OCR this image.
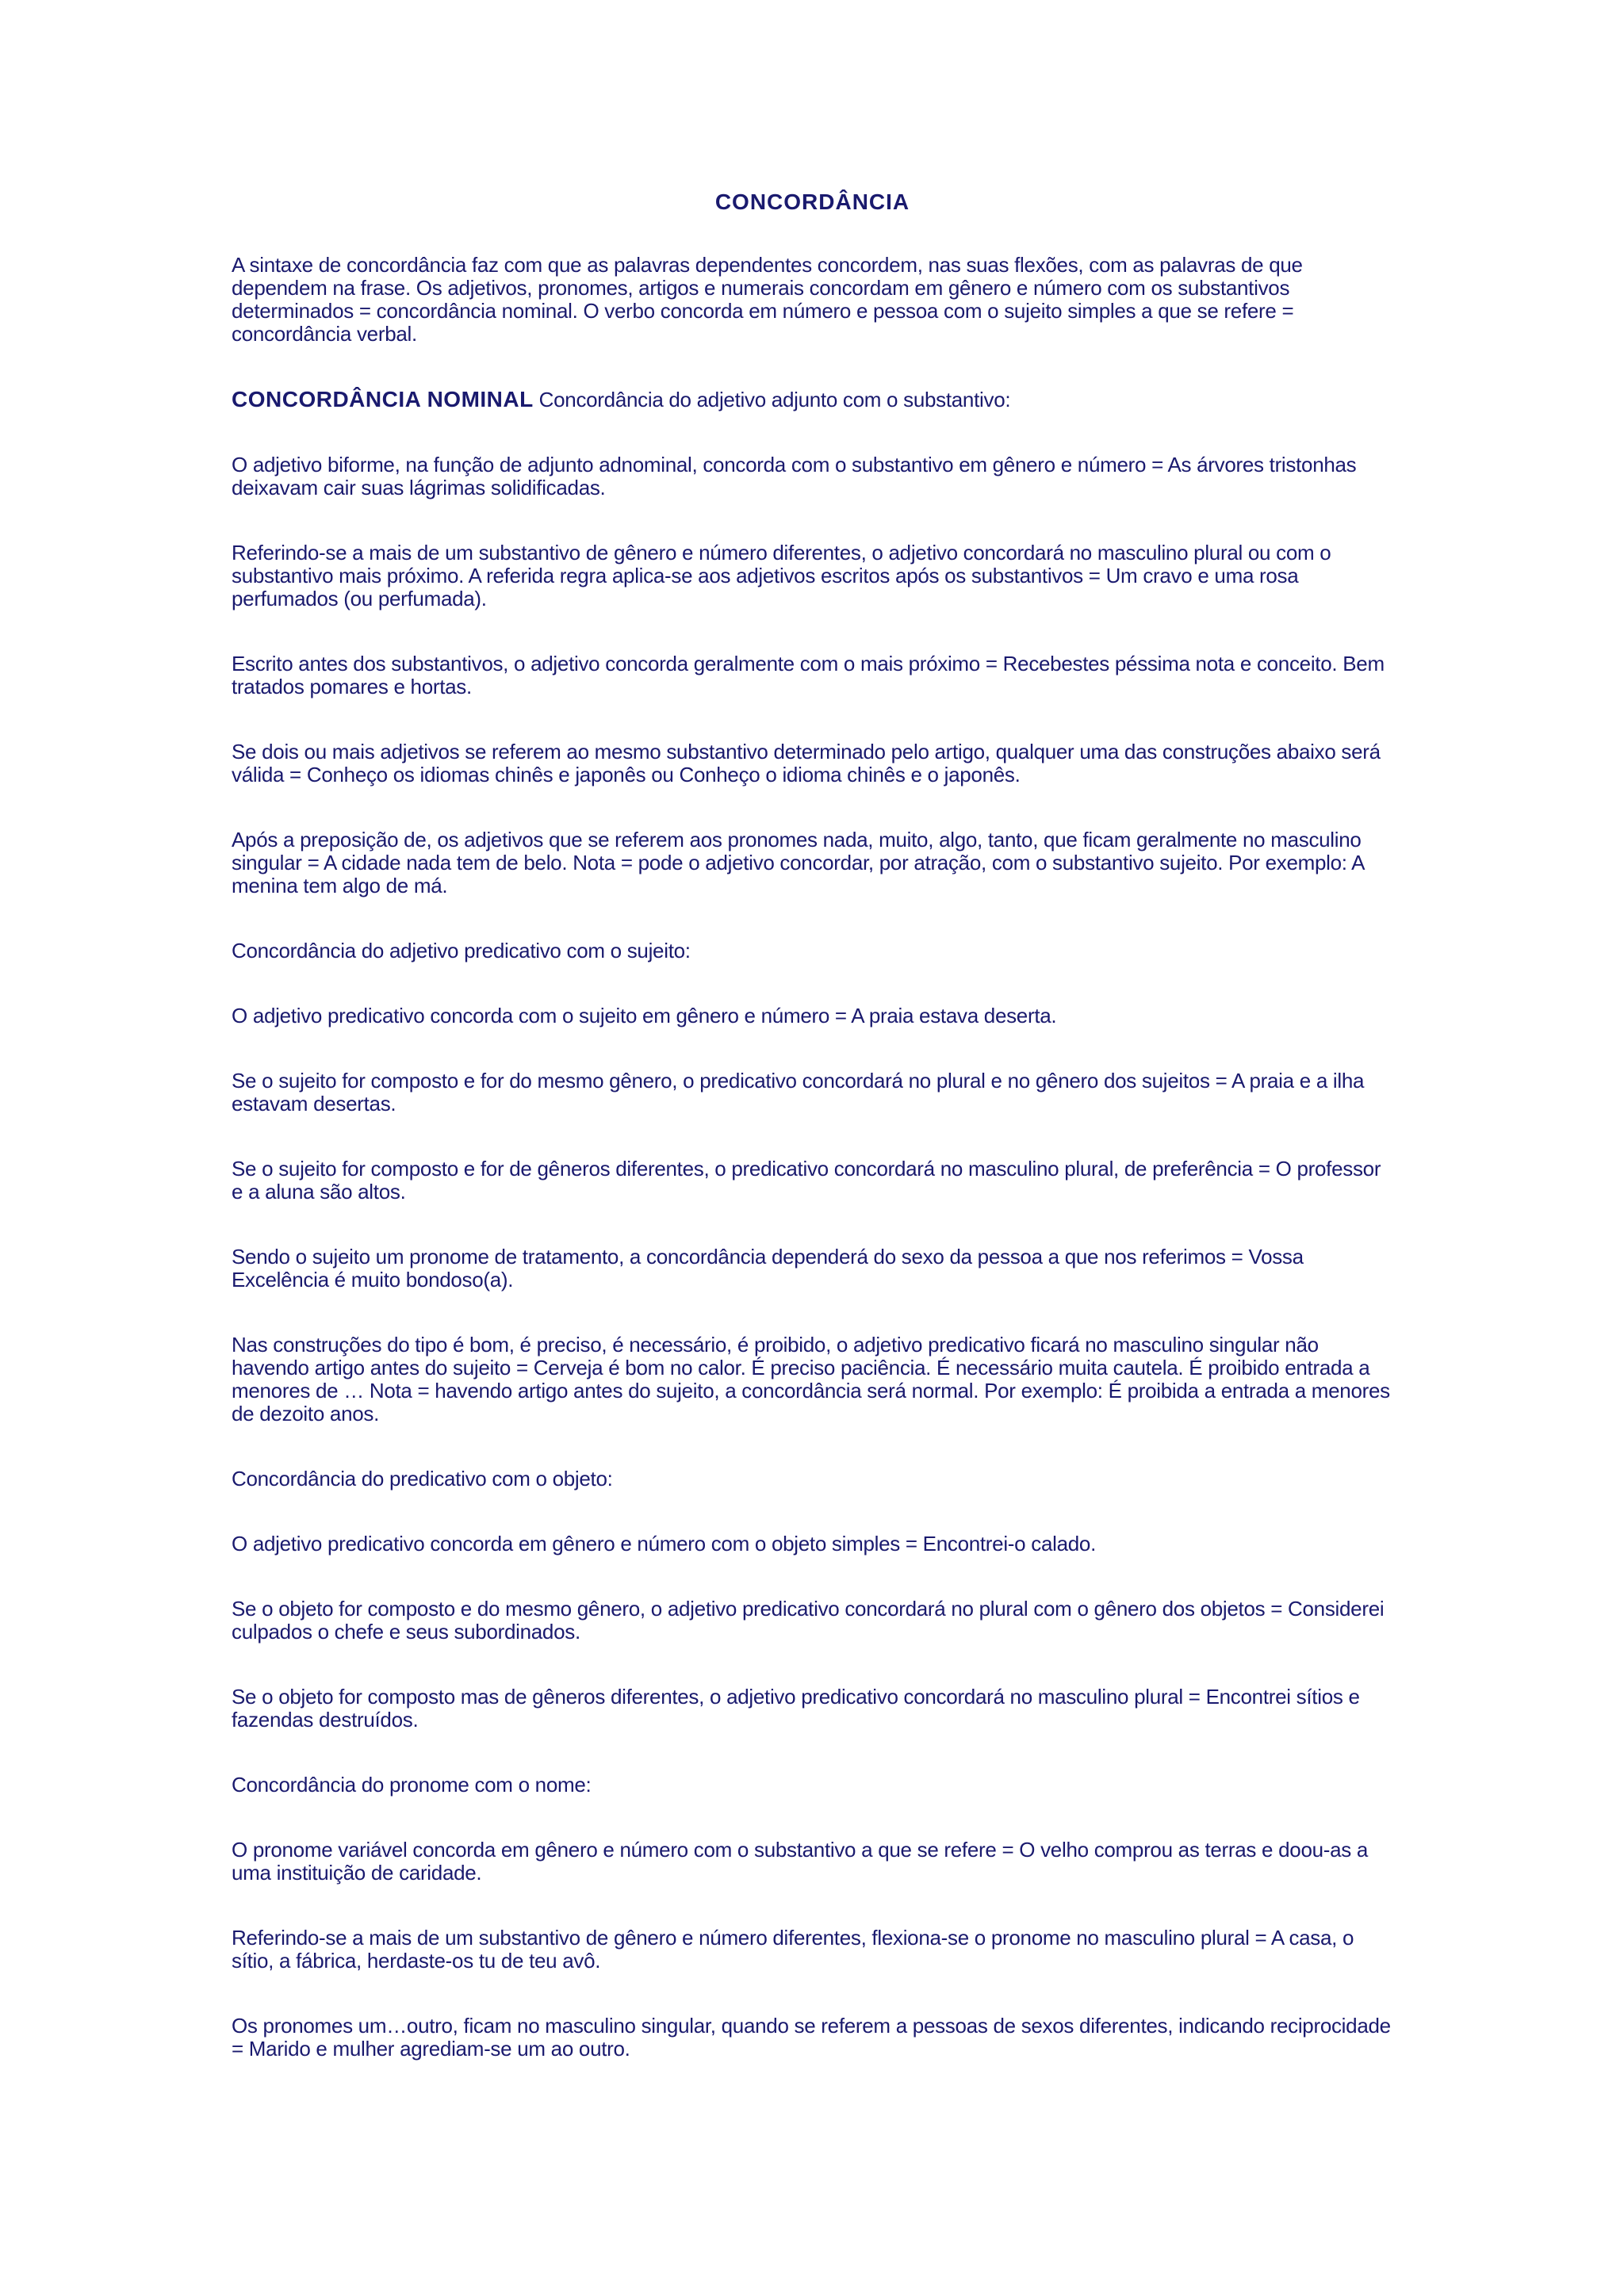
CONCORDÂNCIA

A sintaxe de concordância faz com que as palavras dependentes concordem, nas suas flexões, com as palavras de que dependem na frase. Os adjetivos, pronomes, artigos e numerais concordam em gênero e número com os substantivos determinados = concordância nominal. O verbo concorda em número e pessoa com o sujeito simples a que se refere = concordância verbal.

CONCORDÂNCIA NOMINAL Concordância do adjetivo adjunto com o substantivo:

O adjetivo biforme, na função de adjunto adnominal, concorda com o substantivo em gênero e número = As árvores tristonhas deixavam cair suas lágrimas solidificadas.

Referindo-se a mais de um substantivo de gênero e número diferentes, o adjetivo concordará no masculino plural ou com o substantivo mais próximo. A referida regra aplica-se aos adjetivos escritos após os substantivos = Um cravo e uma rosa perfumados (ou perfumada).

Escrito antes dos substantivos, o adjetivo concorda geralmente com o mais próximo = Recebestes péssima nota e conceito. Bem tratados pomares e hortas.

Se dois ou mais adjetivos se referem ao mesmo substantivo determinado pelo artigo, qualquer uma das construções abaixo será válida = Conheço os idiomas chinês e japonês ou Conheço o idioma chinês e o japonês.

Após a preposição de, os adjetivos que se referem aos pronomes nada, muito, algo, tanto, que ficam geralmente no masculino singular = A cidade nada tem de belo. Nota = pode o adjetivo concordar, por atração, com o substantivo sujeito. Por exemplo: A menina tem algo de má.

Concordância do adjetivo predicativo com o sujeito:

O adjetivo predicativo concorda com o sujeito em gênero e número = A praia estava deserta.

Se o sujeito for composto e for do mesmo gênero, o predicativo concordará no plural e no gênero dos sujeitos = A praia e a ilha estavam desertas.

Se o sujeito for composto e for de gêneros diferentes, o predicativo concordará no masculino plural, de preferência = O professor e a aluna são altos.

Sendo o sujeito um pronome de tratamento, a concordância dependerá do sexo da pessoa a que nos referimos = Vossa Excelência é muito bondoso(a).

Nas construções do tipo é bom, é preciso, é necessário, é proibido, o adjetivo predicativo ficará no masculino singular não havendo artigo antes do sujeito = Cerveja é bom no calor. É preciso paciência. É necessário muita cautela. É proibido entrada a menores de … Nota = havendo artigo antes do sujeito, a concordância será normal. Por exemplo: É proibida a entrada a menores de dezoito anos.

Concordância do predicativo com o objeto:

O adjetivo predicativo concorda em gênero e número com o objeto simples = Encontrei-o calado.

Se o objeto for composto e do mesmo gênero, o adjetivo predicativo concordará no plural com o gênero dos objetos = Considerei culpados o chefe e seus subordinados.

Se o objeto for composto mas de gêneros diferentes, o adjetivo predicativo concordará no masculino plural = Encontrei sítios e fazendas destruídos.

Concordância do pronome com o nome:

O pronome variável concorda em gênero e número com o substantivo a que se refere = O velho comprou as terras e doou-as a uma instituição de caridade.

Referindo-se a mais de um substantivo de gênero e número diferentes, flexiona-se o pronome no masculino plural = A casa, o sítio, a fábrica, herdaste-os tu de teu avô.

Os pronomes um…outro, ficam no masculino singular, quando se referem a pessoas de sexos diferentes, indicando reciprocidade = Marido e mulher agrediam-se um ao outro.
